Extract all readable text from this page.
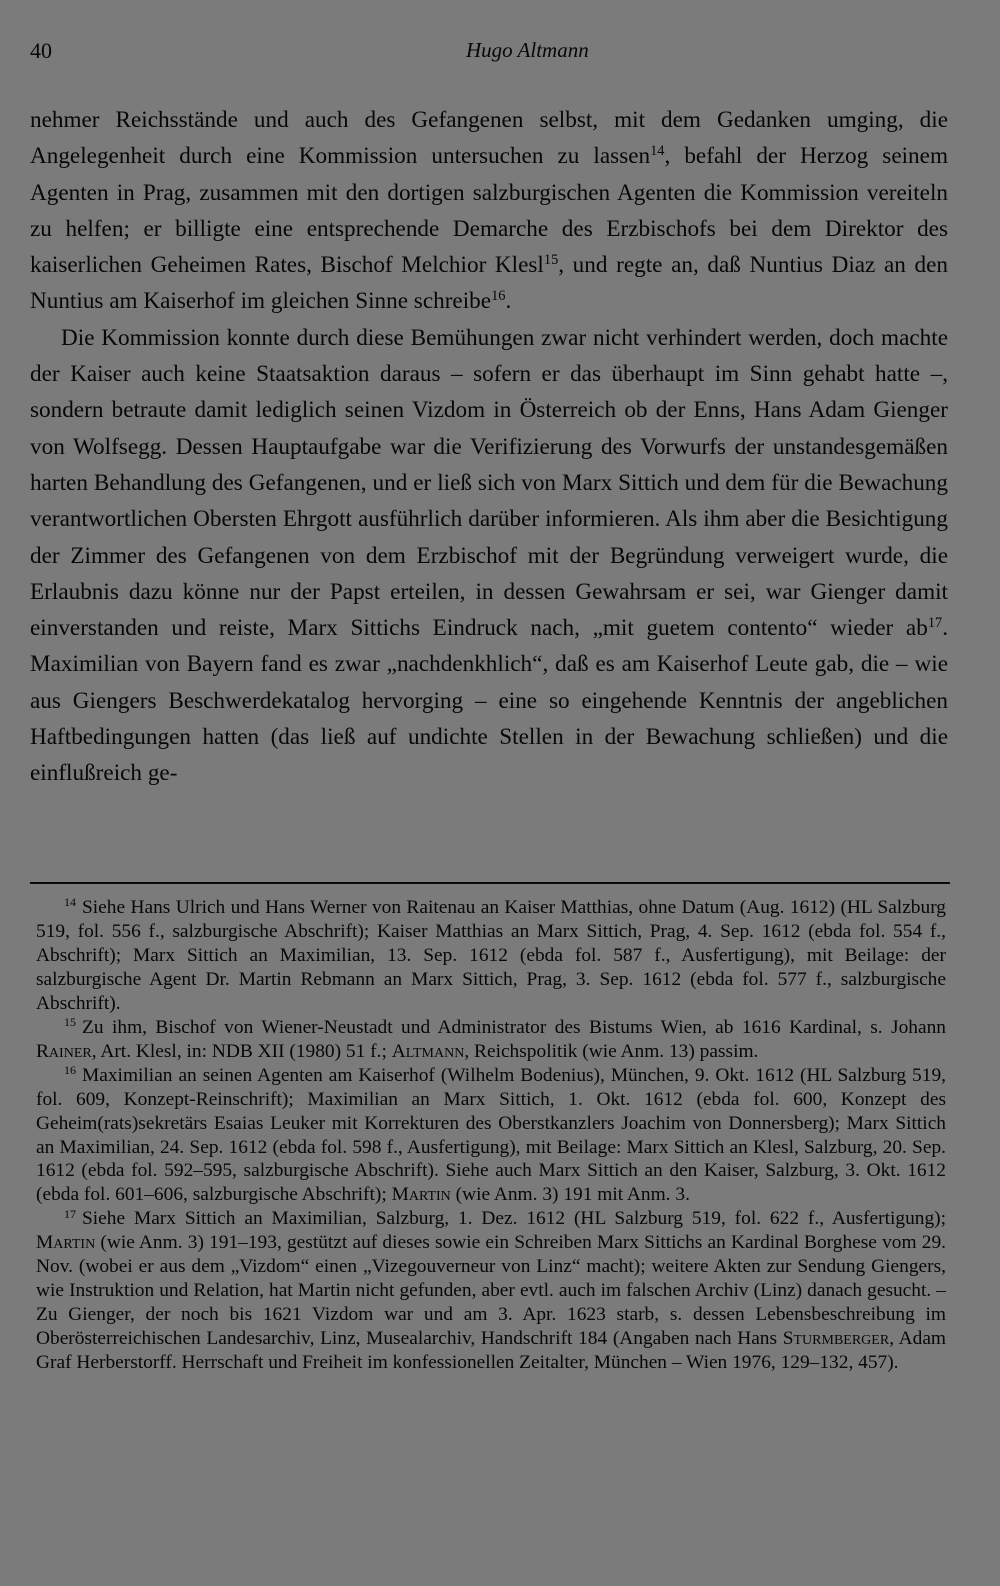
40	Hugo Altmann

nehmer Reichsstände und auch des Gefangenen selbst, mit dem Gedanken umging, die Angelegenheit durch eine Kommission untersuchen zu lassen$^{14}$, befahl der Herzog seinem Agenten in Prag, zusammen mit den dortigen salzburgischen Agenten die Kommission vereiteln zu helfen; er billigte eine entsprechende Demarche des Erzbischofs bei dem Direktor des kaiserlichen Geheimen Rates, Bischof Melchior Klesl$^{15}$, und regte an, daß Nuntius Diaz an den Nuntius am Kaiserhof im gleichen Sinne schreibe$^{16}$.

Die Kommission konnte durch diese Bemühungen zwar nicht verhindert werden, doch machte der Kaiser auch keine Staatsaktion daraus – sofern er das überhaupt im Sinn gehabt hatte –, sondern betraute damit lediglich seinen Vizdom in Österreich ob der Enns, Hans Adam Gienger von Wolfsegg. Dessen Hauptaufgabe war die Verifizierung des Vorwurfs der unstandesgemäßen harten Behandlung des Gefangenen, und er ließ sich von Marx Sittich und dem für die Bewachung verantwortlichen Obersten Ehrgott ausführlich darüber informieren. Als ihm aber die Besichtigung der Zimmer des Gefangenen von dem Erzbischof mit der Begründung verweigert wurde, die Erlaubnis dazu könne nur der Papst erteilen, in dessen Gewahrsam er sei, war Gienger damit einverstanden und reiste, Marx Sittichs Eindruck nach, „mit guetem contento“ wieder $ab^{17}$. Maximilian von Bayern fand es zwar „nachdenkhlich“, daß es am Kaiserhof Leute gab, die – wie aus Giengers Beschwerdekatalog hervorging – eine so eingehende Kenntnis der angeblichen Haftbedingungen hatten (das ließ auf undichte Stellen in der Bewachung schließen) und die einflußreich ge-

$^{14}$ Siehe Hans Ulrich und Hans Werner von Raitenau an Kaiser Matthias, ohne Datum (Aug. 1612) (HL Salzburg 519, fol. 556 f., salzburgische Abschrift); Kaiser Matthias an Marx Sittich, Prag, 4. Sep. 1612 (ebda fol. 554 f., Abschrift); Marx Sittich an Maximilian, 13. Sep. 1612 (ebda fol. 587 f., Ausfertigung), mit Beilage: der salzburgische Agent Dr. Martin Rebmann an Marx Sittich, Prag, 3. Sep. 1612 (ebda fol. 577 f., salzburgische Abschrift).

$^{15}$ Zu ihm, Bischof von Wiener-Neustadt und Administrator des Bistums Wien, ab 1616 Kardinal, s. Johann Rainer, Art. Klesl, in: NDB XII (1980) 51 f.; Altmann, Reichspolitik (wie Anm. 13) passim.

$^{16}$ Maximilian an seinen Agenten am Kaiserhof (Wilhelm Bodenius), München, 9. Okt. 1612 (HL Salzburg 519, fol. 609, Konzept-Reinschrift); Maximilian an Marx Sittich, 1. Okt. 1612 (ebda fol. 600, Konzept des Geheim(rats)sekretärs Esaias Leuker mit Korrekturen des Oberstkanzlers Joachim von Donnersberg); Marx Sittich an Maximilian, 24. Sep. 1612 (ebda fol. 598 f., Ausfertigung), mit Beilage: Marx Sittich an Klesl, Salzburg, 20. Sep. 1612 (ebda fol. 592–595, salzburgische Abschrift). Siehe auch Marx Sittich an den Kaiser, Salzburg, 3. Okt. 1612 (ebda fol. 601–606, salzburgische Abschrift); Martin (wie Anm. 3) 191 mit Anm. 3.

$^{17}$ Siehe Marx Sittich an Maximilian, Salzburg, 1. Dez. 1612 (HL Salzburg 519, fol. 622 f., Ausfertigung); Martin (wie Anm. 3) 191–193, gestützt auf dieses sowie ein Schreiben Marx Sittichs an Kardinal Borghese vom 29. Nov. (wobei er aus dem „Vizdom“ einen „Vizegouverneur von Linz“ macht); weitere Akten zur Sendung Giengers, wie Instruktion und Relation, hat Martin nicht gefunden, aber evtl. auch im falschen Archiv (Linz) danach gesucht. – Zu Gienger, der noch bis 1621 Vizdom war und am 3. Apr. 1623 starb, s. dessen Lebensbeschreibung im Oberösterreichischen Landesarchiv, Linz, Musealarchiv, Handschrift 184 (Angaben nach Hans Sturmberger, Adam Graf Herberstorff. Herrschaft und Freiheit im konfessionellen Zeitalter, München – Wien 1976, 129–132, 457).
